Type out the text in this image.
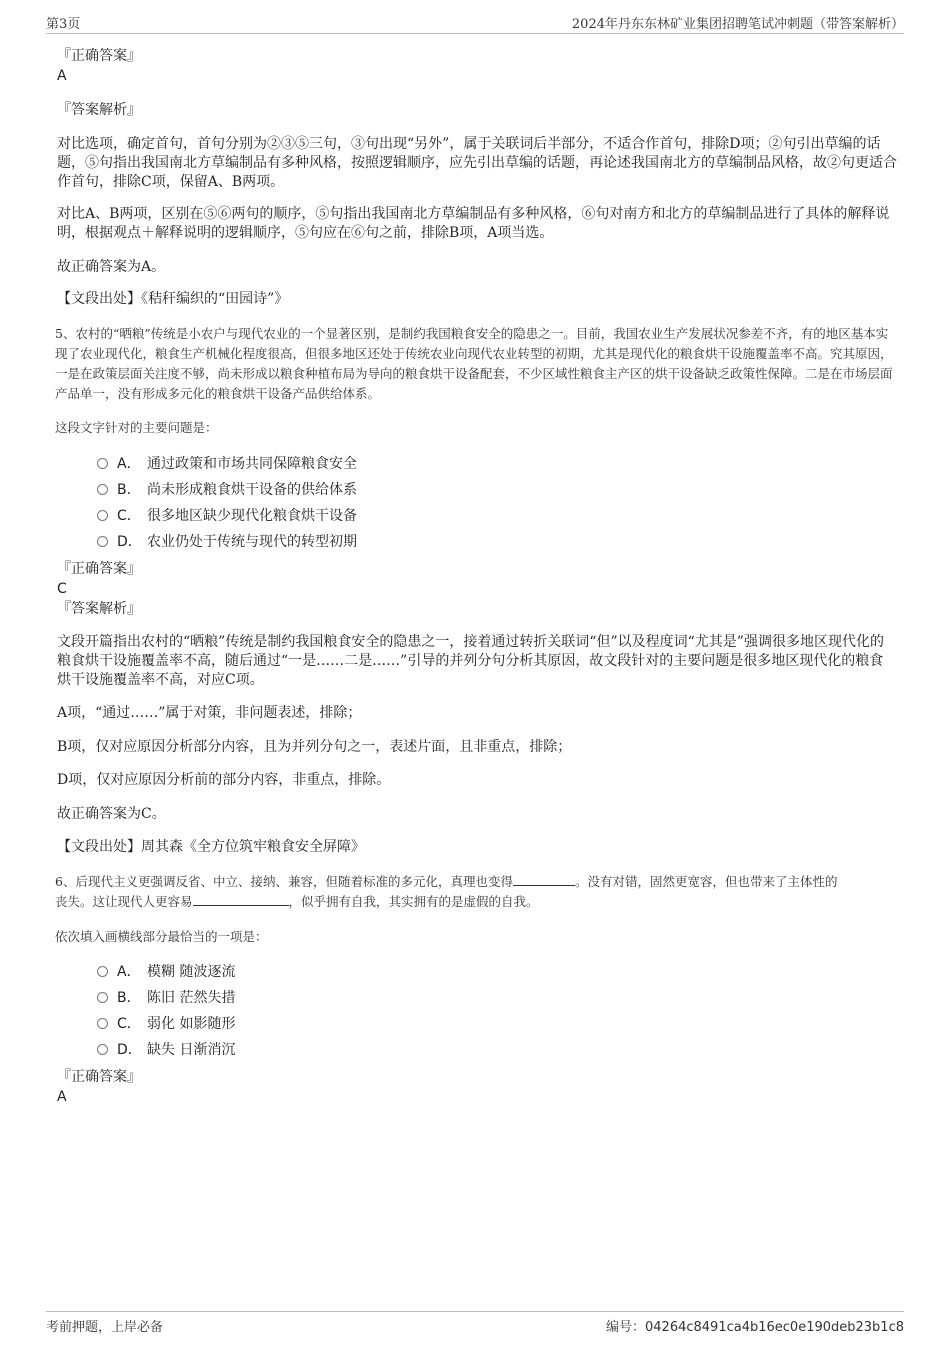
第3页	2024年丹东东林矿业集团招聘笔试冲刺题（带答案解析）
『正确答案』
A
『答案解析』
对比选项，确定首句，首句分别为②③⑤三句，③句出现“另外”，属于关联词后半部分，不适合作首句，排除D项；②句引出草编的话题，⑤句指出我国南北方草编制品有多种风格，按照逻辑顺序，应先引出草编的话题，再论述我国南北方的草编制品风格，故②句更适合作首句，排除C项，保留A、B两项。
对比A、B两项，区别在⑤⑥两句的顺序，⑤句指出我国南北方草编制品有多种风格，⑥句对南方和北方的草编制品进行了具体的解释说明，根据观点＋解释说明的逻辑顺序，⑤句应在⑥句之前，排除B项，A项当选。
故正确答案为A。
【文段出处】《秸秆编织的“田园诗”》
5、农村的“晒粮”传统是小农户与现代农业的一个显著区别，是制约我国粮食安全的隐患之一。目前，我国农业生产发展状况参差不齐，有的地区基本实现了农业现代化，粮食生产机械化程度很高，但很多地区还处于传统农业向现代农业转型的初期，尤其是现代化的粮食烘干设施覆盖率不高。究其原因，一是在政策层面关注度不够，尚未形成以粮食种植布局为导向的粮食烘干设备配套，不少区域性粮食主产区的烘干设备缺乏政策性保障。二是在市场层面产品单一，没有形成多元化的粮食烘干设备产品供给体系。
这段文字针对的主要问题是：
A． 通过政策和市场共同保障粮食安全
B． 尚未形成粮食烘干设备的供给体系
C． 很多地区缺少现代化粮食烘干设备
D． 农业仍处于传统与现代的转型初期
『正确答案』
C
『答案解析』
文段开篇指出农村的“晒粮”传统是制约我国粮食安全的隐患之一，接着通过转折关联词“但”以及程度词“尤其是”强调很多地区现代化的粮食烘干设施覆盖率不高，随后通过“一是……二是……”引导的并列分句分析其原因，故文段针对的主要问题是很多地区现代化的粮食烘干设施覆盖率不高，对应C项。
A项，“通过……”属于对策，非问题表述，排除；
B项，仅对应原因分析部分内容，且为并列分句之一，表述片面，且非重点，排除；
D项，仅对应原因分析前的部分内容，非重点，排除。
故正确答案为C。
【文段出处】周其森《全方位筑牢粮食安全屏障》
6、后现代主义更强调反省、中立、接纳、兼容，但随着标准的多元化，真理也变得	。没有对错，固然更宽容，但也带来了主体性的
丧失。这让现代人更容易	，似乎拥有自我，其实拥有的是虚假的自我。
依次填入画横线部分最恰当的一项是：
A． 模糊 随波逐流
B． 陈旧 茫然失措
C． 弱化 如影随形
D． 缺失 日渐消沉
『正确答案』
A
考前押题，上岸必备	编号：04264c8491ca4b16ec0e190deb23b1c8
